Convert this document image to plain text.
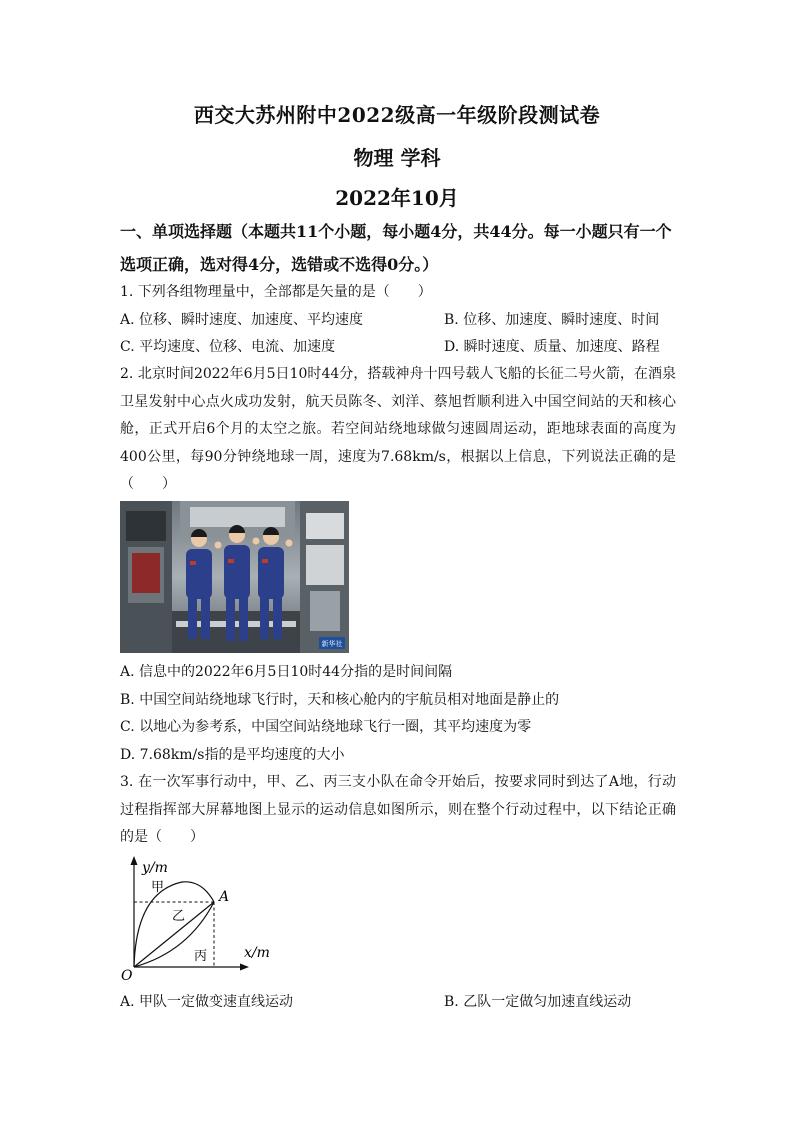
西交大苏州附中2022级高一年级阶段测试卷
物理 学科
2022年10月
一、单项选择题（本题共11个小题，每小题4分，共44分。每一小题只有一个选项正确，选对得4分，选错或不选得0分。）
1. 下列各组物理量中，全部都是矢量的是（　　）
A. 位移、瞬时速度、加速度、平均速度	B. 位移、加速度、瞬时速度、时间
C. 平均速度、位移、电流、加速度	D. 瞬时速度、质量、加速度、路程
2. 北京时间2022年6月5日10时44分，搭载神舟十四号载人飞船的长征二号火箭，在酒泉卫星发射中心点火成功发射，航天员陈冬、刘洋、蔡旭哲顺利进入中国空间站的天和核心舱，正式开启6个月的太空之旅。若空间站绕地球做匀速圆周运动，距地球表面的高度为400公里，每90分钟绕地球一周，速度为7.68km/s，根据以上信息，下列说法正确的是（　　）
新华社
A. 信息中的2022年6月5日10时44分指的是时间间隔
B. 中国空间站绕地球飞行时，天和核心舱内的宇航员相对地面是静止的
C. 以地心为参考系，中国空间站绕地球飞行一圈，其平均速度为零
D. 7.68km/s指的是平均速度的大小
3. 在一次军事行动中，甲、乙、丙三支小队在命令开始后，按要求同时到达了A地，行动过程指挥部大屏幕地图上显示的运动信息如图所示，则在整个行动过程中，以下结论正确的是（　　）
y/m
x/m
O
A
甲
乙
丙
A. 甲队一定做变速直线运动	B. 乙队一定做匀加速直线运动
